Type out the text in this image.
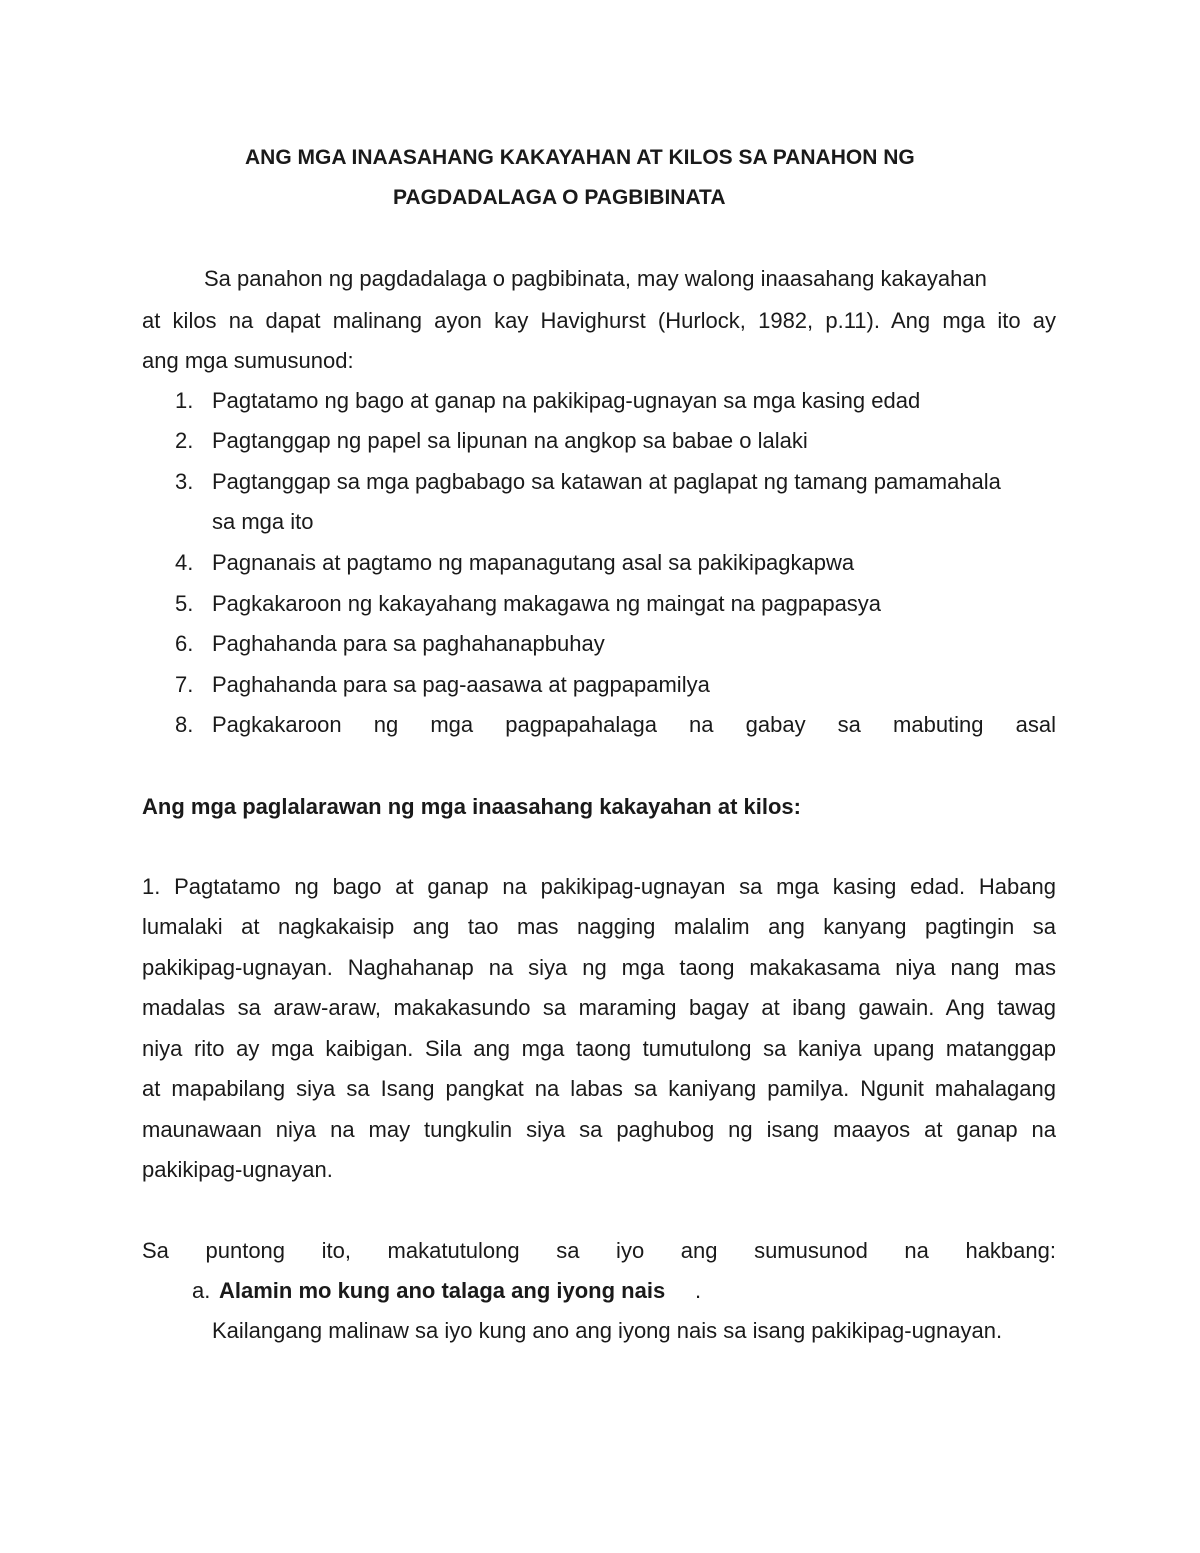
ANG MGA INAASAHANG KAKAYAHAN AT KILOS SA PANAHON NG
PAGDADALAGA O PAGBIBINATA
Sa panahon ng pagdadalaga o pagbibinata, may walong inaasahang kakayahan
at kilos na dapat malinang ayon kay Havighurst (Hurlock, 1982, p.11). Ang mga ito ay
ang mga sumusunod:
1. Pagtatamo ng bago at ganap na pakikipag-ugnayan sa mga kasing edad
2. Pagtanggap ng papel sa lipunan na angkop sa babae o lalaki
3. Pagtanggap sa mga pagbabago sa katawan at paglapat ng tamang pamamahala
sa mga ito
4. Pagnanais at pagtamo ng mapanagutang asal sa pakikipagkapwa
5. Pagkakaroon ng kakayahang makagawa ng maingat na pagpapasya
6. Paghahanda para sa paghahanapbuhay
7. Paghahanda para sa pag-aasawa at pagpapamilya
8. Pagkakaroon ng mga pagpapahalaga na gabay sa mabuting asal
Ang mga paglalarawan ng mga inaasahang kakayahan at kilos:
1. Pagtatamo ng bago at ganap na pakikipag-ugnayan sa mga kasing edad. Habang
lumalaki at nagkakaisip ang tao mas nagging malalim ang kanyang pagtingin sa
pakikipag-ugnayan. Naghahanap na siya ng mga taong makakasama niya nang mas
madalas sa araw-araw, makakasundo sa maraming bagay at ibang gawain. Ang tawag
niya rito ay mga kaibigan. Sila ang mga taong tumutulong sa kaniya upang matanggap
at mapabilang siya sa Isang pangkat na labas sa kaniyang pamilya. Ngunit mahalagang
maunawaan niya na may tungkulin siya sa paghubog ng isang maayos at ganap na
pakikipag-ugnayan.
Sa puntong ito, makatutulong sa iyo ang sumusunod na hakbang:
a. Alamin mo kung ano talaga ang iyong nais .
Kailangang malinaw sa iyo kung ano ang iyong nais sa isang pakikipag-ugnayan.
